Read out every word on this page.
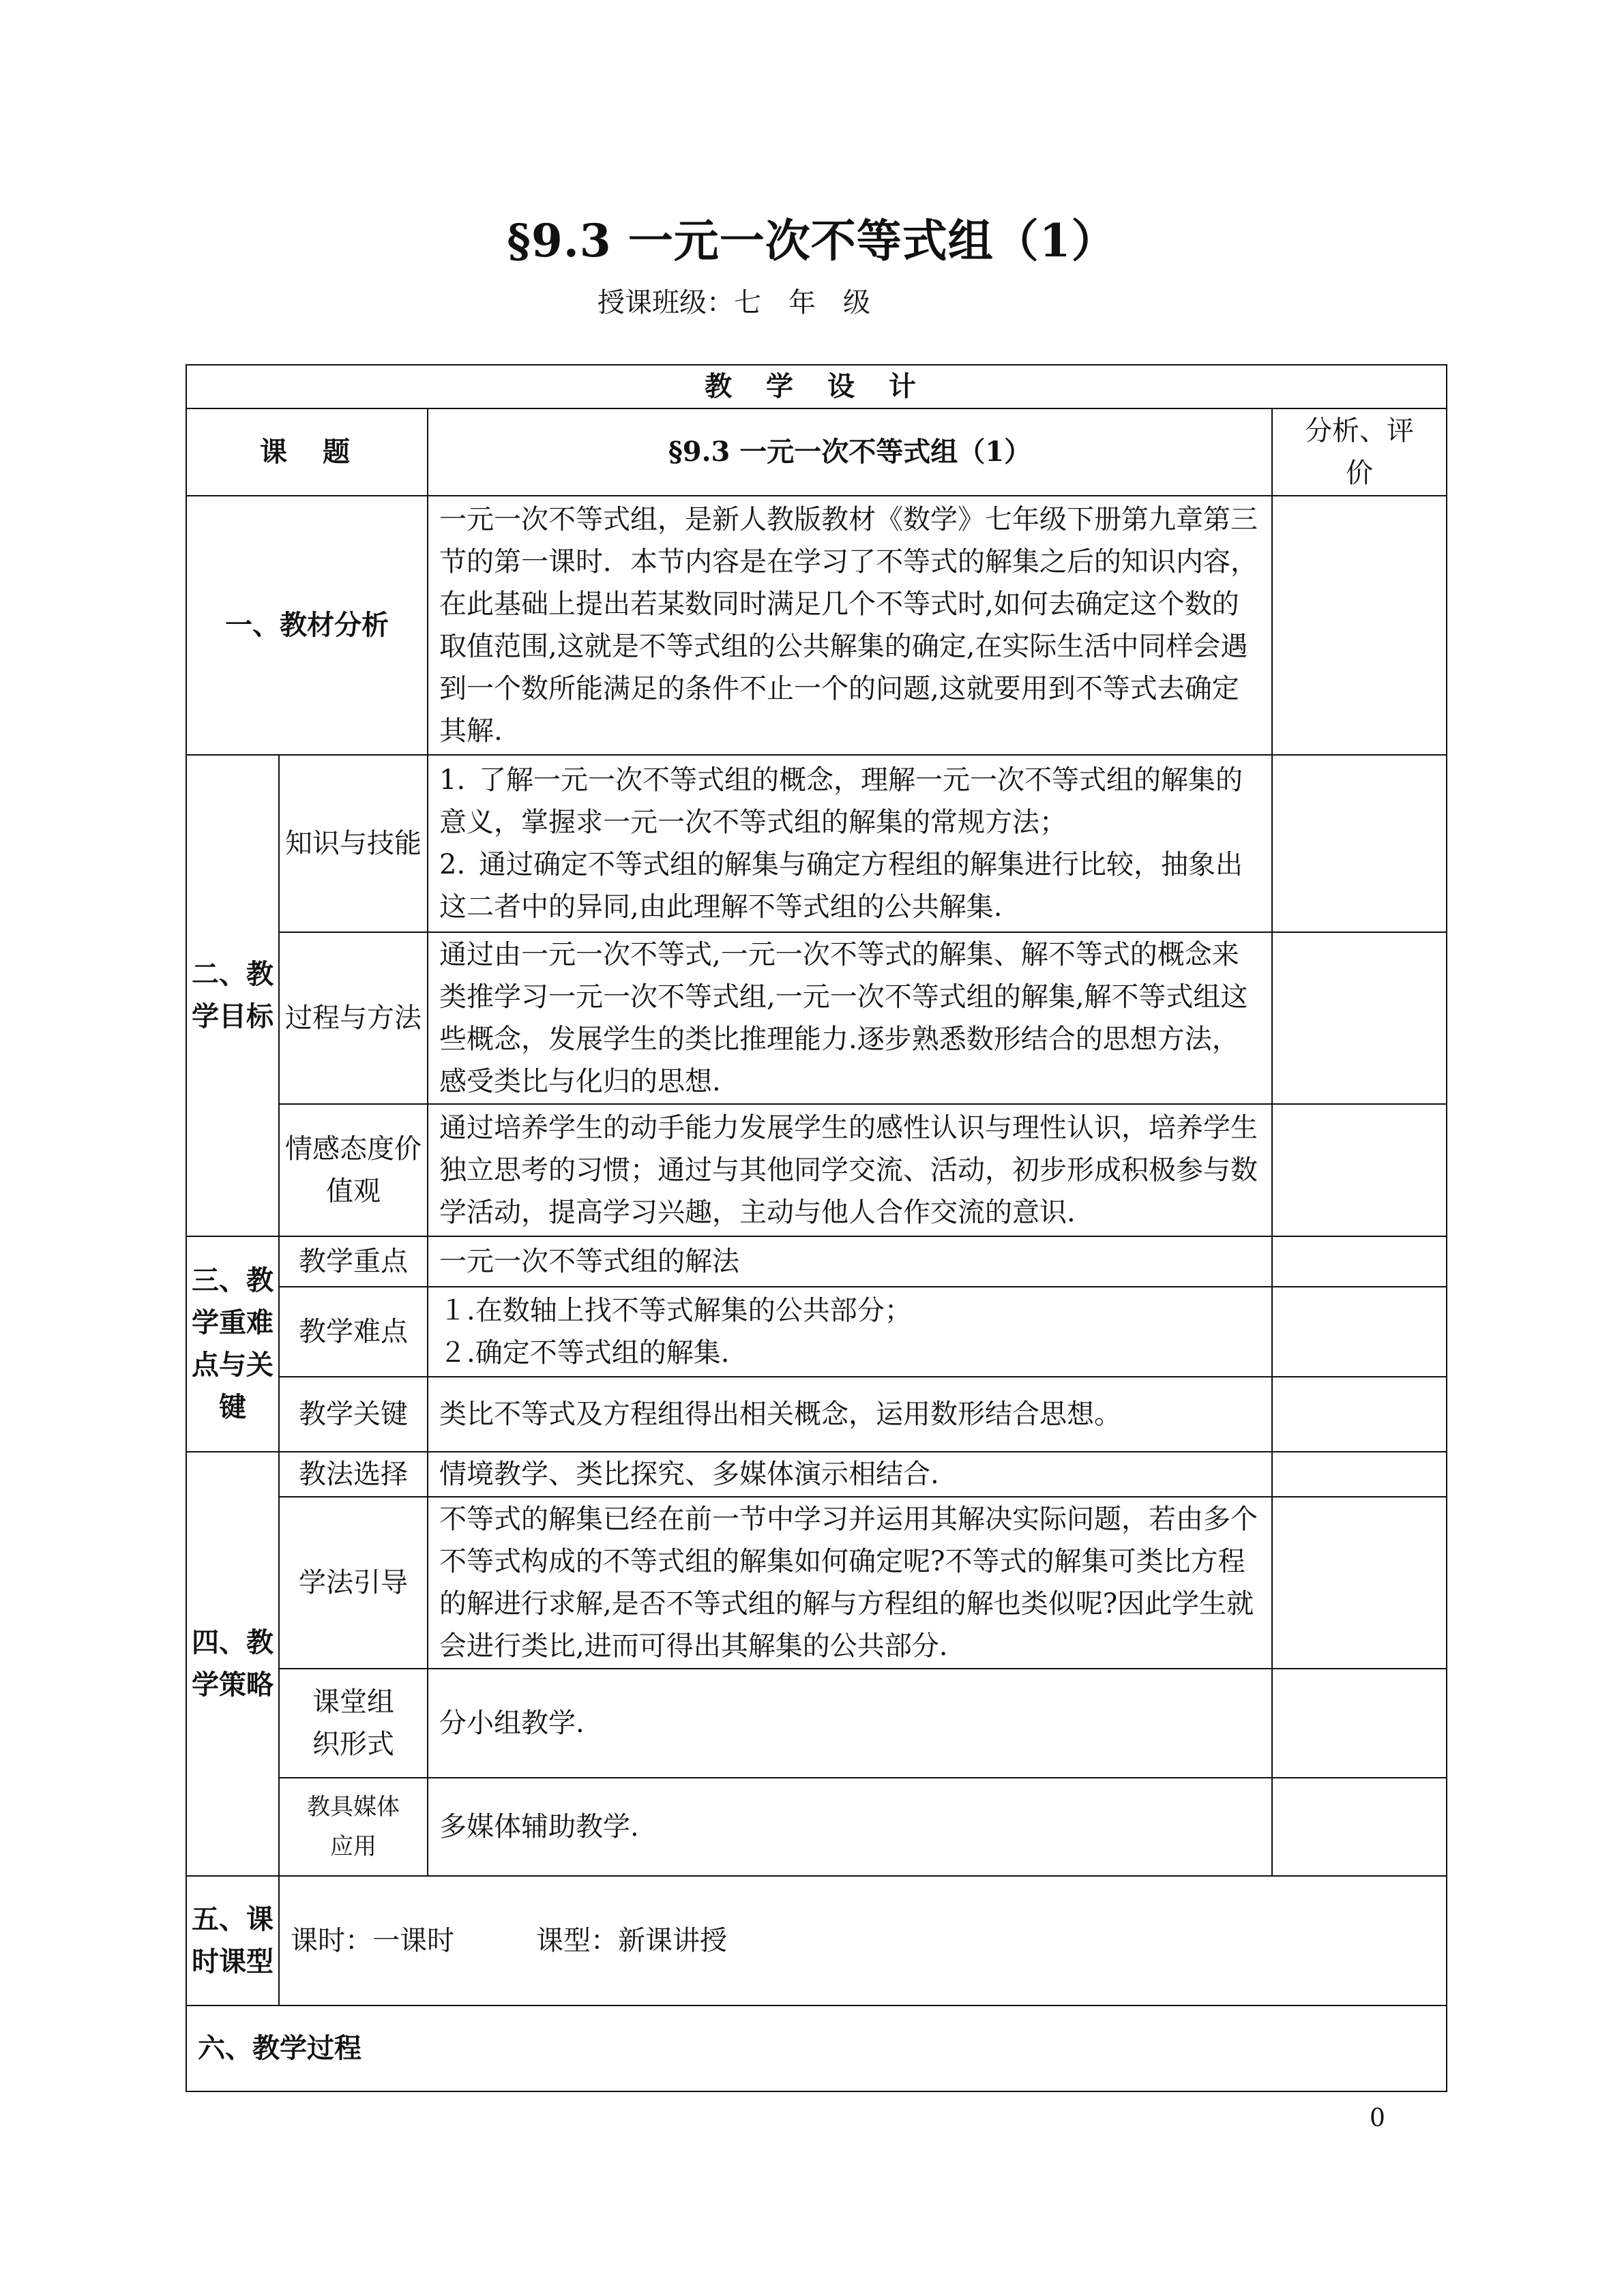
§9.3 一元一次不等式组（1）
授课班级：七　年　级
教 学 设 计			
课　题		§9.3 一元一次不等式组（1）	分析、评价
一、教材分析		一元一次不等式组，是新人教版教材《数学》七年级下册第九章第三节的第一课时．本节内容是在学习了不等式的解集之后的知识内容，在此基础上提出若某数同时满足几个不等式时,如何去确定这个数的取值范围,这就是不等式组的公共解集的确定,在实际生活中同样会遇到一个数所能满足的条件不止一个的问题,这就要用到不等式去确定其解.	
二、教学目标	知识与技能	1. 了解一元一次不等式组的概念，理解一元一次不等式组的解集的意义，掌握求一元一次不等式组的解集的常规方法；
2. 通过确定不等式组的解集与确定方程组的解集进行比较，抽象出这二者中的异同,由此理解不等式组的公共解集.	

	过程与方法	通过由一元一次不等式,一元一次不等式的解集、解不等式的概念来类推学习一元一次不等式组,一元一次不等式组的解集,解不等式组这些概念，发展学生的类比推理能力.逐步熟悉数形结合的思想方法，感受类比与化归的思想.	
	情感态度价值观	通过培养学生的动手能力发展学生的感性认识与理性认识，培养学生独立思考的习惯；通过与其他同学交流、活动，初步形成积极参与数学活动，提高学习兴趣，主动与他人合作交流的意识.	
三、教学重难点与关键	教学重点	一元一次不等式组的解法	
	教学难点	１.在数轴上找不等式解集的公共部分；
２.确定不等式组的解集.	

	教学关键	类比不等式及方程组得出相关概念，运用数形结合思想。	
四、教学策略	教法选择	情境教学、类比探究、多媒体演示相结合.	
	学法引导	不等式的解集已经在前一节中学习并运用其解决实际问题，若由多个不等式构成的不等式组的解集如何确定呢?不等式的解集可类比方程的解进行求解,是否不等式组的解与方程组的解也类似呢?因此学生就会进行类比,进而可得出其解集的公共部分.	
	课堂组织形式	分小组教学.	
	教具媒体应用	多媒体辅助教学.	
五、课时课型	课时：一课时　　　课型：新课讲授		
六、教学过程			
0
